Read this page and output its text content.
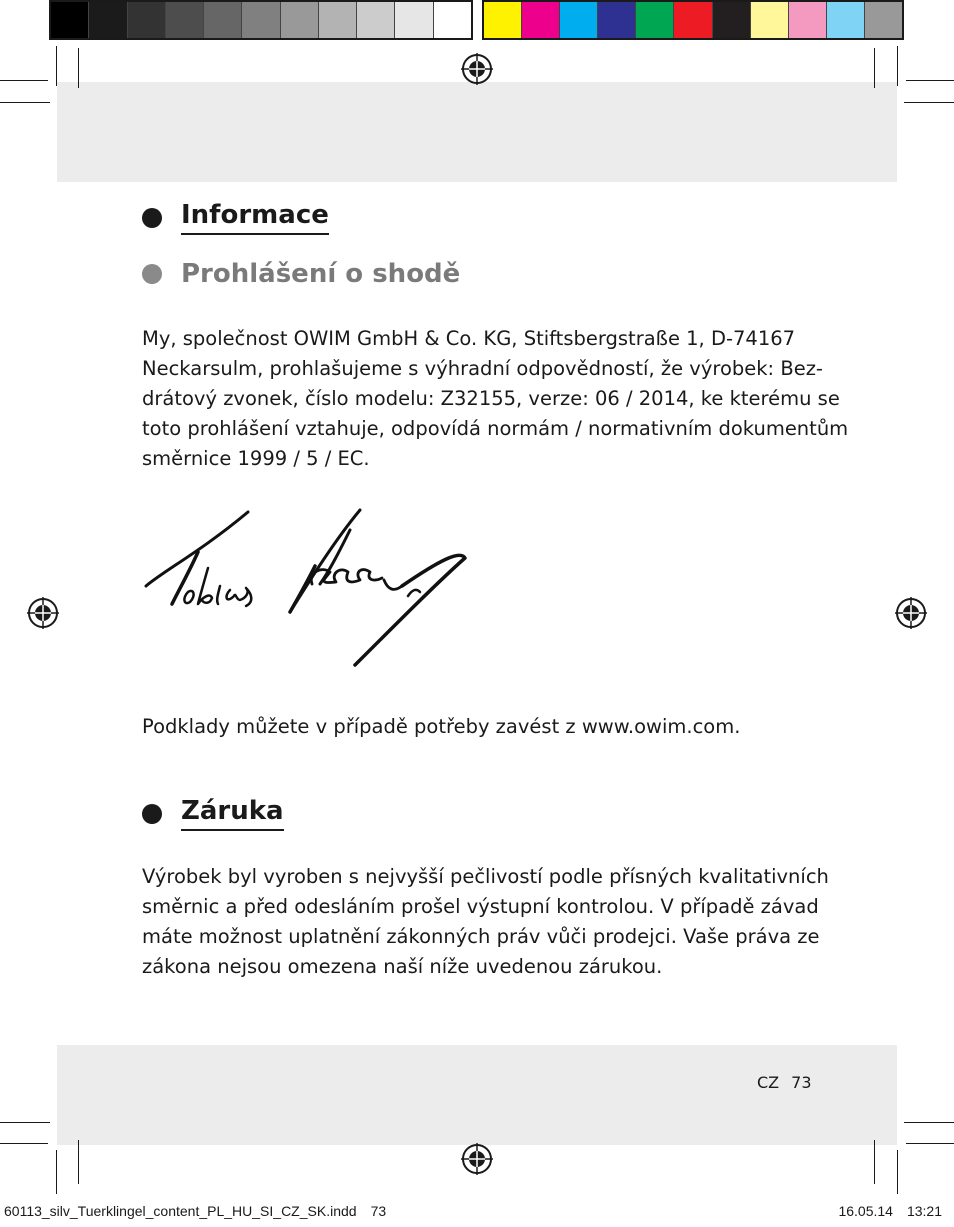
Informace
Prohlášení o shodě

My, společnost OWIM GmbH & Co. KG, Stiftsbergstraße 1, D-74167
Neckarsulm, prohlašujeme s výhradní odpovědností, že výrobek: Bez-
drátový zvonek, číslo modelu: Z32155, verze: 06 / 2014, ke kterému se
toto prohlášení vztahuje, odpovídá normám / normativním dokumentům
směrnice 1999 / 5 / EC.

Podklady můžete v případě potřeby zavést z www.owim.com.

Záruka

Výrobek byl vyroben s nejvyšší pečlivostí podle přísných kvalitativních
směrnic a před odesláním prošel výstupní kontrolou. V případě závad
máte možnost uplatnění zákonných práv vůči prodejci. Vaše práva ze
zákona nejsou omezena naší níže uvedenou zárukou.

CZ 73
60113_silv_Tuerklingel_content_PL_HU_SI_CZ_SK.indd 73	16.05.14 13:21
